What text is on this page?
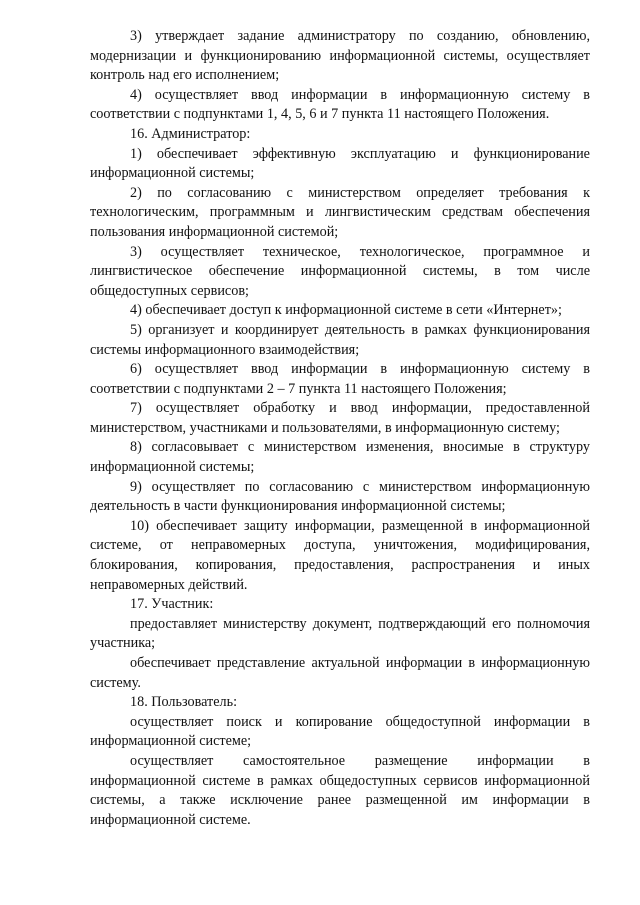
3) утверждает задание администратору по созданию, обновлению, модернизации и функционированию информационной системы, осуществляет контроль над его исполнением;

4) осуществляет ввод информации в информационную систему в соответствии с подпунктами 1, 4, 5, 6 и 7 пункта 11 настоящего Положения.

16. Администратор:

1) обеспечивает эффективную эксплуатацию и функционирование информационной системы;

2) по согласованию с министерством определяет требования к технологическим, программным и лингвистическим средствам обеспечения пользования информационной системой;

3) осуществляет техническое, технологическое, программное и лингвистическое обеспечение информационной системы, в том числе общедоступных сервисов;

4) обеспечивает доступ к информационной системе в сети «Интернет»;

5) организует и координирует деятельность в рамках функционирования системы информационного взаимодействия;

6) осуществляет ввод информации в информационную систему в соответствии с подпунктами 2 – 7 пункта 11 настоящего Положения;

7) осуществляет обработку и ввод информации, предоставленной министерством, участниками и пользователями, в информационную систему;

8) согласовывает с министерством изменения, вносимые в структуру информационной системы;

9) осуществляет по согласованию с министерством информационную деятельность в части функционирования информационной системы;

10) обеспечивает защиту информации, размещенной в информационной системе, от неправомерных доступа, уничтожения, модифицирования, блокирования, копирования, предоставления, распространения и иных неправомерных действий.

17. Участник:

предоставляет министерству документ, подтверждающий его полномочия участника;

обеспечивает представление актуальной информации в информационную систему.

18. Пользователь:

осуществляет поиск и копирование общедоступной информации в информационной системе;

осуществляет самостоятельное размещение информации в информационной системе в рамках общедоступных сервисов информационной системы, а также исключение ранее размещенной им информации в информационной системе.
